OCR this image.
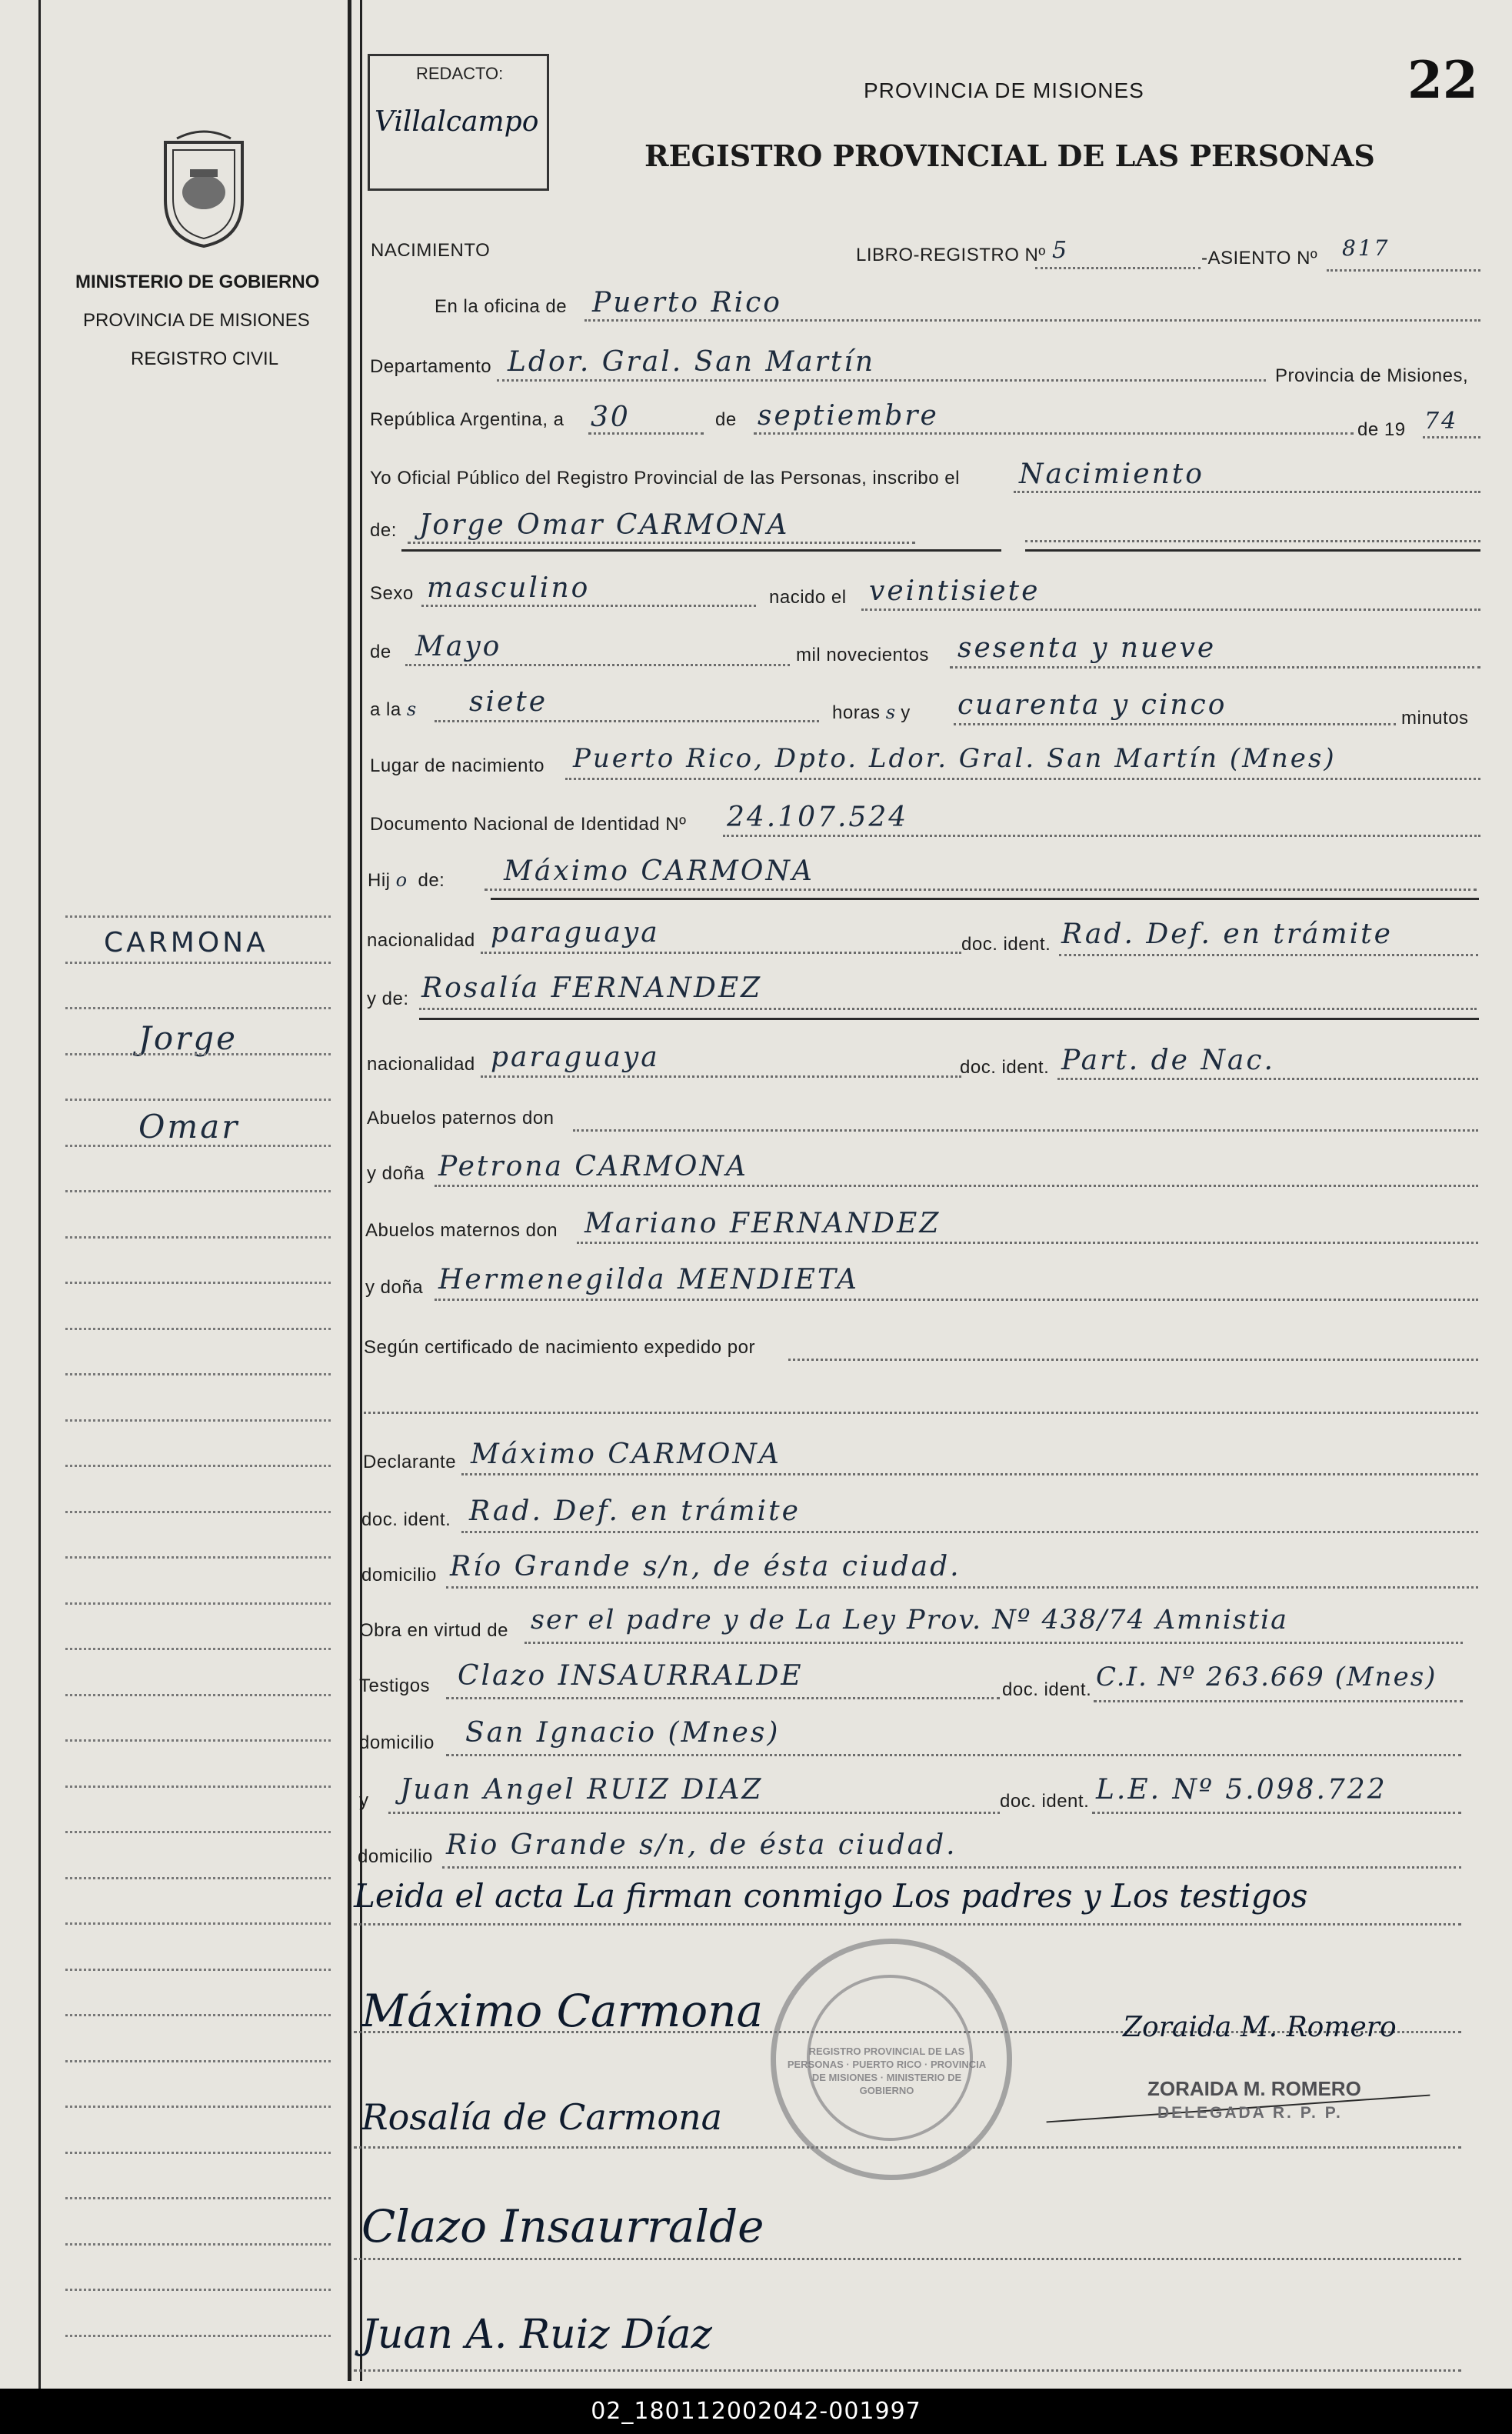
MINISTERIO DE GOBIERNO
PROVINCIA DE MISIONES
REGISTRO CIVIL
REDACTO:
Villalcampo
PROVINCIA DE MISIONES
REGISTRO PROVINCIAL DE LAS PERSONAS
22
NACIMIENTO	LIBRO-REGISTRO Nº 5	-ASIENTO Nº 817
En la oficina de Puerto Rico
Departamento Ldor. Gral. San Martín	Provincia de Misiones,
República Argentina, a 30	de septiembre	de 19 74
Yo Oficial Público del Registro Provincial de las Personas, inscribo el Nacimiento
de: Jorge Omar CARMONA
Sexo masculino	nacido el veintisiete
de Mayo	mil novecientos sesenta y nueve
a la s siete	horas s y cuarenta y cinco	minutos
Lugar de nacimiento Puerto Rico, Dpto. Ldor. Gral. San Martín (Mnes)
Documento Nacional de Identidad Nº 24.107.524
Hij o de: Máximo CARMONA
nacionalidad paraguaya	doc. ident. Rad. Def. en trámite
y de: Rosalía FERNANDEZ
nacionalidad paraguaya	doc. ident. Part. de Nac.
Abuelos paternos don
y doña Petrona CARMONA
Abuelos maternos don Mariano FERNANDEZ
y doña Hermenegilda MENDIETA
Según certificado de nacimiento expedido por
Declarante Máximo CARMONA
doc. ident. Rad. Def. en trámite
domicilio Río Grande s/n, de ésta ciudad.
Obra en virtud de ser el padre y de La Ley Prov. Nº 438/74 Amnistia
Testigos Clazo INSAURRALDE	doc. ident. C.I. Nº 263.669 (Mnes)
domicilio San Ignacio (Mnes)
y Juan Angel RUIZ DIAZ	doc. ident. L.E. Nº 5.098.722
domicilio Rio Grande s/n, de ésta ciudad.
Leida el acta La firman conmigo Los padres y Los testigos
Máximo Carmona
Rosalía de Carmona
Clazo Insaurralde
Juan A. Ruiz Díaz
Zoraida M. Romero
ZORAIDA M. ROMERO
DELEGADA R. P. P.
REGISTRO PROVINCIAL DE LAS PERSONAS · PUERTO RICO · PROVINCIA DE MISIONES · MINISTERIO DE GOBIERNO
CARMONA
Jorge
Omar
02_180112002042-001997
